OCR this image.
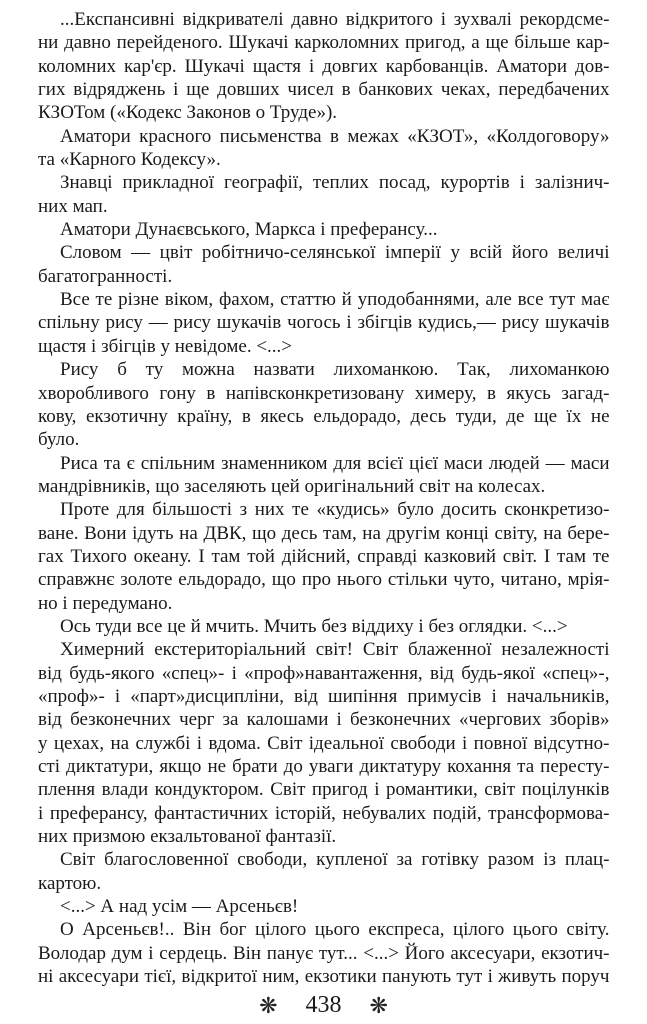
...Експансивні відкривателі давно відкритого і зухвалі рекордсме-
ни давно перейденого. Шукачі карколомних пригод, а ще більше кар-
коломних кар'єр. Шукачі щастя і довгих карбованців. Аматори дов-
гих відряджень і ще довших чисел в банкових чеках, передбачених
КЗОТом («Кодекс Законов о Труде»).
Аматори красного письменства в межах «КЗОТ», «Колдоговору»
та «Карного Кодексу».
Знавці прикладної географії, теплих посад, курортів і залізнич-
них мап.
Аматори Дунаєвського, Маркса і преферансу...
Словом — цвіт робітничо-селянської імперії у всій його величі
багатогранності.
Все те різне віком, фахом, статтю й уподобаннями, але все тут має
спільну рису — рису шукачів чогось і збігців кудись,— рису шукачів
щастя і збігців у невідоме. <...>
Рису б ту можна назвати лихоманкою. Так, лихоманкою
хворобливого гону в напівсконкретизовану химеру, в якусь загад-
кову, екзотичну країну, в якесь ельдорадо, десь туди, де ще їх не
було.
Риса та є спільним знаменником для всієї цієї маси людей — маси
мандрівників, що заселяють цей оригінальний світ на колесах.
Проте для більшості з них те «кудись» було досить сконкретизо-
ване. Вони ідуть на ДВК, що десь там, на другім конці світу, на бере-
гах Тихого океану. І там той дійсний, справді казковий світ. І там те
справжнє золоте ельдорадо, що про нього стільки чуто, читано, мрія-
но і передумано.
Ось туди все це й мчить. Мчить без віддиху і без оглядки. <...>
Химерний екстериторіальний світ! Світ блаженної незалежності
від будь-якого «спец»- і «проф»навантаження, від будь-якої «спец»-,
«проф»- і «парт»дисципліни, від шипіння примусів і начальників,
від безконечних черг за калошами і безконечних «чергових зборів»
у цехах, на службі і вдома. Світ ідеальної свободи і повної відсутно-
сті диктатури, якщо не брати до уваги диктатуру кохання та пересту-
плення влади кондуктором. Світ пригод і романтики, світ поцілунків
і преферансу, фантастичних історій, небувалих подій, трансформова-
них призмою екзальтованої фантазії.
Світ благословенної свободи, купленої за готівку разом із плац-
картою.
<...> А над усім — Арсеньєв!
О Арсеньєв!.. Він бог цілого цього експреса, цілого цього світу.
Володар дум і сердець. Він панує тут... <...> Його аксесуари, екзотич-
ні аксесуари тієї, відкритої ним, екзотики панують тут і живуть поруч
❋ 438 ❋
